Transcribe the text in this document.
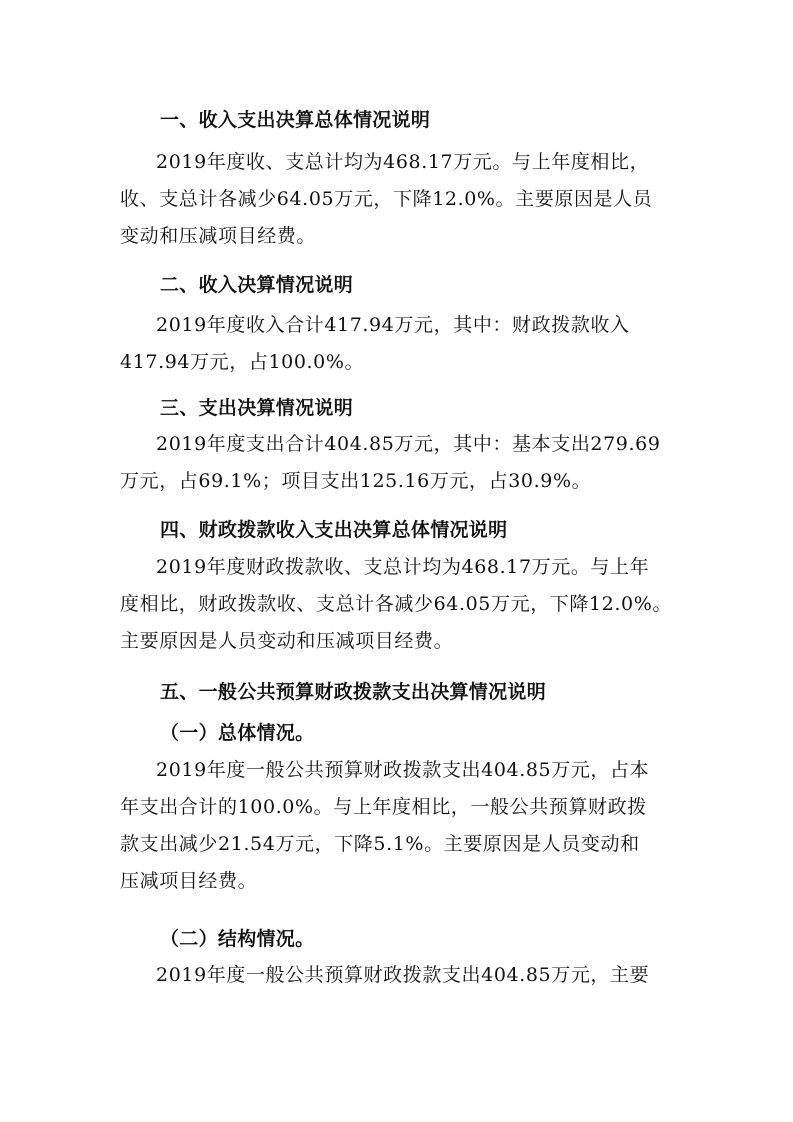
一、收入支出决算总体情况说明
2019年度收、支总计均为468.17万元。与上年度相比，
收、支总计各减少64.05万元，下降12.0%。主要原因是人员
变动和压减项目经费。
二、收入决算情况说明
2019年度收入合计417.94万元，其中：财政拨款收入
417.94万元，占100.0%。
三、支出决算情况说明
2019年度支出合计404.85万元，其中：基本支出279.69
万元，占69.1%；项目支出125.16万元，占30.9%。
四、财政拨款收入支出决算总体情况说明
2019年度财政拨款收、支总计均为468.17万元。与上年
度相比，财政拨款收、支总计各减少64.05万元，下降12.0%。
主要原因是人员变动和压减项目经费。
五、一般公共预算财政拨款支出决算情况说明
（一）总体情况。
2019年度一般公共预算财政拨款支出404.85万元，占本
年支出合计的100.0%。与上年度相比，一般公共预算财政拨
款支出减少21.54万元，下降5.1%。主要原因是人员变动和
压减项目经费。
（二）结构情况。
2019年度一般公共预算财政拨款支出404.85万元，主要
